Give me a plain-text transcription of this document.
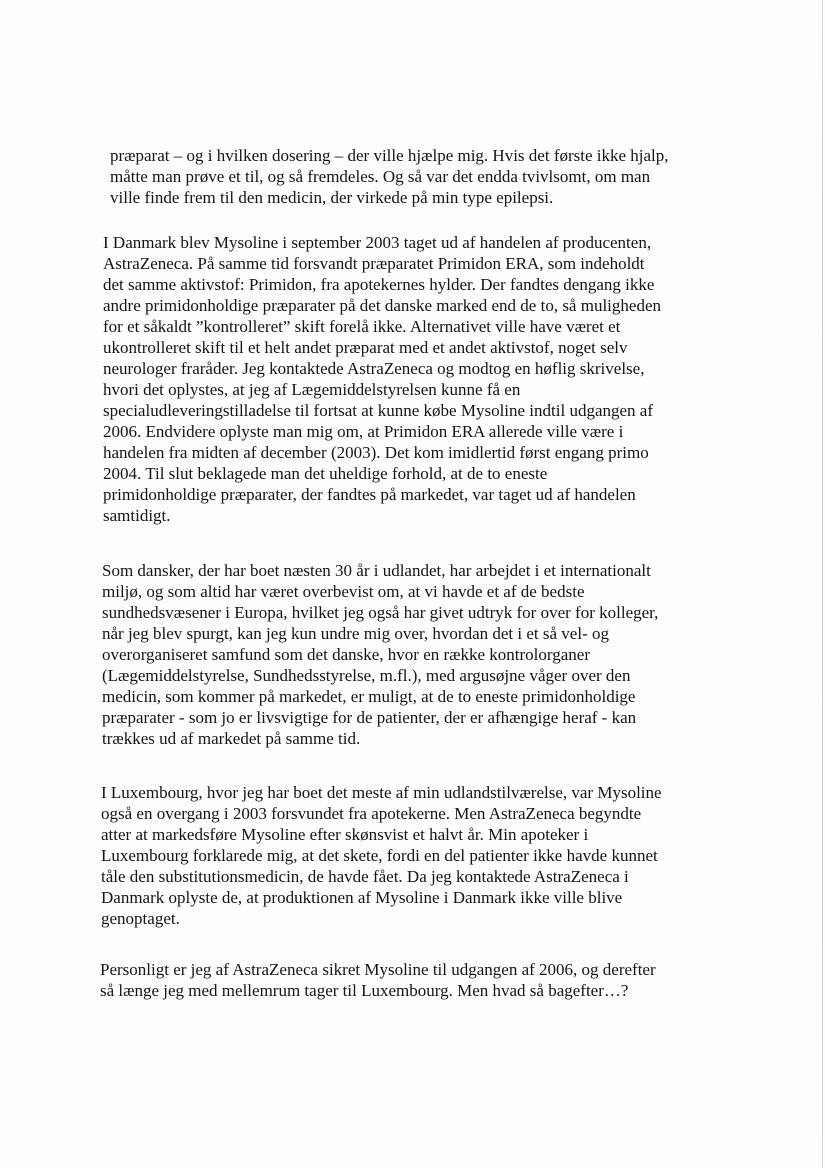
præparat – og i hvilken dosering – der ville hjælpe mig. Hvis det første ikke hjalp,
måtte man prøve et til, og så fremdeles. Og så var det endda tvivlsomt, om man
ville finde frem til den medicin, der virkede på min type epilepsi.
I Danmark blev Mysoline i september 2003 taget ud af handelen af producenten,
AstraZeneca. På samme tid forsvandt præparatet Primidon ERA, som indeholdt
det samme aktivstof: Primidon, fra apotekernes hylder. Der fandtes dengang ikke
andre primidonholdige præparater på det danske marked end de to, så muligheden
for et såkaldt ”kontrolleret” skift forelå ikke. Alternativet ville have været et
ukontrolleret skift til et helt andet præparat med et andet aktivstof, noget selv
neurologer fraråder. Jeg kontaktede AstraZeneca og modtog en høflig skrivelse,
hvori det oplystes, at jeg af Lægemiddelstyrelsen kunne få en
specialudleveringstilladelse til fortsat at kunne købe Mysoline indtil udgangen af
2006. Endvidere oplyste man mig om, at Primidon ERA allerede ville være i
handelen fra midten af december (2003). Det kom imidlertid først engang primo
2004. Til slut beklagede man det uheldige forhold, at de to eneste
primidonholdige præparater, der fandtes på markedet, var taget ud af handelen
samtidigt.
Som dansker, der har boet næsten 30 år i udlandet, har arbejdet i et internationalt
miljø, og som altid har været overbevist om, at vi havde et af de bedste
sundhedsvæsener i Europa, hvilket jeg også har givet udtryk for over for kolleger,
når jeg blev spurgt, kan jeg kun undre mig over, hvordan det i et så vel- og
overorganiseret samfund som det danske, hvor en række kontrolorganer
(Lægemiddelstyrelse, Sundhedsstyrelse, m.fl.), med argusøjne våger over den
medicin, som kommer på markedet, er muligt, at de to eneste primidonholdige
præparater - som jo er livsvigtige for de patienter, der er afhængige heraf - kan
trækkes ud af markedet på samme tid.
I Luxembourg, hvor jeg har boet det meste af min udlandstilværelse, var Mysoline
også en overgang i 2003 forsvundet fra apotekerne. Men AstraZeneca begyndte
atter at markedsføre Mysoline efter skønsvist et halvt år. Min apoteker i
Luxembourg forklarede mig, at det skete, fordi en del patienter ikke havde kunnet
tåle den substitutionsmedicin, de havde fået. Da jeg kontaktede AstraZeneca i
Danmark oplyste de, at produktionen af Mysoline i Danmark ikke ville blive
genoptaget.
Personligt er jeg af AstraZeneca sikret Mysoline til udgangen af 2006, og derefter
så længe jeg med mellemrum tager til Luxembourg. Men hvad så bagefter…?
